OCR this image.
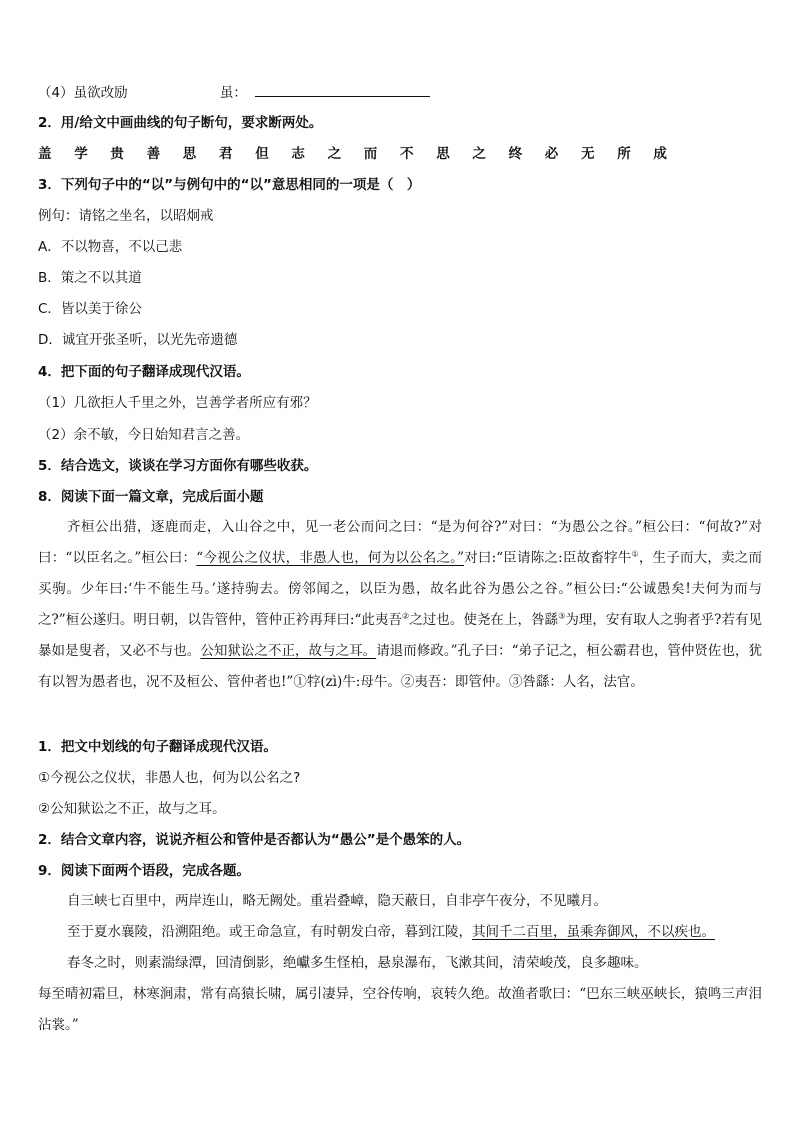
（4）虽欲改励	虽：
2．用/给文中画曲线的句子断句，要求断两处。
盖 学 贵 善 思 君 但 志 之 而 不 思 之 终 必 无 所 成
3．下列句子中的“以”与例句中的“以”意思相同的一项是（　）
例句：请铭之坐名，以昭炯戒
A．不以物喜，不以己悲
B．策之不以其道
C．皆以美于徐公
D．诚宜开张圣听，以光先帝遗德
4．把下面的句子翻译成现代汉语。
（1）几欲拒人千里之外，岂善学者所应有邪？
（2）余不敏，今日始知君言之善。
5．结合选文，谈谈在学习方面你有哪些收获。
8．阅读下面一篇文章，完成后面小题

齐桓公出猎，逐鹿而走，入山谷之中，见一老公而问之曰：“是为何谷?”对曰：“为愚公之谷。”桓公曰：“何故?”对曰：“以臣名之。”桓公曰：“今视公之仪状，非愚人也，何为以公名之。”对曰:“臣请陈之:臣故畜牸牛①，生子而大，卖之而买驹。少年曰:‘牛不能生马。’遂持驹去。傍邻闻之，以臣为愚，故名此谷为愚公之谷。”桓公曰:“公诚愚矣!夫何为而与之?”桓公遂归。明日朝，以告管仲，管仲正衿再拜曰:“此夷吾②之过也。使尧在上，咎繇③为理，安有取人之驹者乎?若有见暴如是叟者，又必不与也。公知狱讼之不正，故与之耳。请退而修政。”孔子曰：“弟子记之，桓公霸君也，管仲贤佐也，犹有以智为愚者也，况不及桓公、管仲者也!”①牸(zì)牛:母牛。②夷吾：即管仲。③咎繇：人名，法官。

1．把文中划线的句子翻译成现代汉语。
①今视公之仪状，非愚人也，何为以公名之?
②公知狱讼之不正，故与之耳。
2．结合文章内容，说说齐桓公和管仲是否都认为“愚公”是个愚笨的人。
9．阅读下面两个语段，完成各题。

自三峡七百里中，两岸连山，略无阙处。重岩叠嶂，隐天蔽日，自非亭午夜分，不见曦月。

至于夏水襄陵，沿溯阻绝。或王命急宣，有时朝发白帝，暮到江陵，其间千二百里，虽乘奔御风，不以疾也。

春冬之时，则素湍绿潭，回清倒影，绝巘多生怪柏，悬泉瀑布，飞漱其间，清荣峻茂，良多趣味。

每至晴初霜旦，林寒涧肃，常有高猿长啸，属引凄异，空谷传响，哀转久绝。故渔者歌曰：“巴东三峡巫峡长，猿鸣三声泪沾裳。”
